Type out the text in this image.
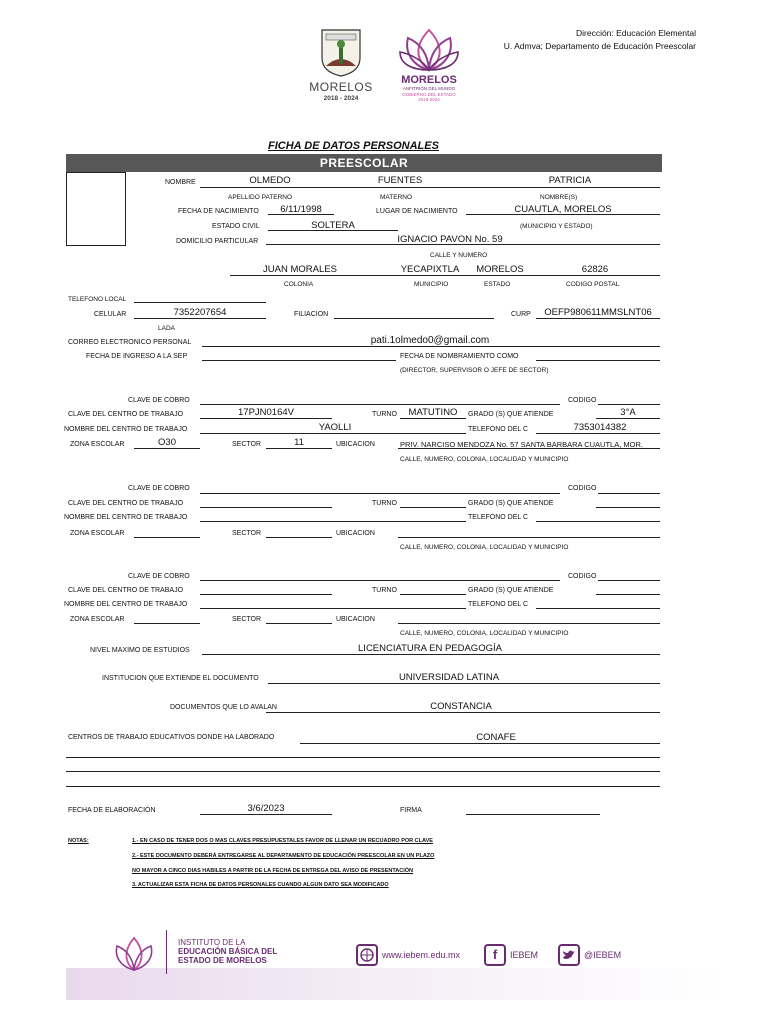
MORELOS
2018 - 2024
MORELOS
ANFITRIÓN DEL MUNDO
GOBIERNO DEL ESTADO
2018-2024
Dirección: Educación Elemental
U. Admva; Departamento de Educación Preescolar
FICHA DE DATOS PERSONALES
PREESCOLAR
NOMBRE	OLMEDO	FUENTES	PATRICIA
APELLIDO PATERNO	MATERNO	NOMBRE(S)
FECHA DE NACIMIENTO	6/11/1998	LUGAR DE NACIMIENTO	CUAUTLA, MORELOS
ESTADO CIVIL	SOLTERA	(MUNICIPIO Y ESTADO)
DOMICILIO PARTICULAR	IGNACIO PAVON No. 59
CALLE Y NUMERO
JUAN MORALES	YECAPIXTLA	MORELOS	62826
COLONIA	MUNICIPIO	ESTADO	CODIGO POSTAL
TELEFONO LOCAL
CELULAR	7352207654	FILIACION	CURP	OEFP980611MMSLNT06
LADA
CORREO ELECTRONICO PERSONAL	pati.1olmedo0@gmail.com
FECHA DE INGRESO A LA SEP	FECHA DE NOMBRAMIENTO COMO
(DIRECTOR, SUPERVISOR O JEFE DE SECTOR)
CLAVE DE COBRO	CODIGO
CLAVE DEL CENTRO DE TRABAJO	17PJN0164V	TURNO	MATUTINO	GRADO (S) QUE ATIENDE	3°A
NOMBRE DEL CENTRO DE TRABAJO	YAOLLI	TELEFONO DEL C	7353014382
ZONA ESCOLAR	O30	SECTOR	11	UBICACION	PRIV. NARCISO MENDOZA No. 57 SANTA BARBARA CUAUTLA, MOR.
CALLE, NUMERO, COLONIA, LOCALIDAD Y MUNICIPIO
CLAVE DE COBRO	CODIGO
CLAVE DEL CENTRO DE TRABAJO	TURNO	GRADO (S) QUE ATIENDE
NOMBRE DEL CENTRO DE TRABAJO	TELEFONO DEL C
ZONA ESCOLAR	SECTOR	UBICACION
CALLE, NUMERO, COLONIA, LOCALIDAD Y MUNICIPIO
CLAVE DE COBRO	CODIGO
CLAVE DEL CENTRO DE TRABAJO	TURNO	GRADO (S) QUE ATIENDE
NOMBRE DEL CENTRO DE TRABAJO	TELEFONO DEL C
ZONA ESCOLAR	SECTOR	UBICACION
CALLE, NUMERO, COLONIA, LOCALIDAD Y MUNICIPIO
NIVEL MAXIMO DE ESTUDIOS	LICENCIATURA EN PEDAGOGÍA
INSTITUCION QUE EXTIENDE EL DOCUMENTO	UNIVERSIDAD LATINA
DOCUMENTOS QUE LO AVALAN	CONSTANCIA
CENTROS DE TRABAJO EDUCATIVOS DONDE HA LABORADO	CONAFE
FECHA DE ELABORACIÓN	3/6/2023	FIRMA
NOTAS:	1.- EN CASO DE TENER DOS O MAS CLAVES PRESUPUESTALES FAVOR DE LLENAR UN RECUADRO POR CLAVE
2.- ESTE DOCUMENTO DEBERÁ ENTREGARSE AL DEPARTAMENTO DE EDUCACIÓN PREESCOLAR EN UN PLAZO
NO MAYOR A CINCO DIAS HABILES A PARTIR DE LA FECHA DE ENTREGA DEL AVISO DE PRESENTACIÓN
3. ACTUALIZAR ESTA FICHA DE DATOS PERSONALES CUANDO ALGUN DATO SEA MODIFICADO
INSTITUTO DE LA
EDUCACIÓN BÁSICA DEL
ESTADO DE MORELOS
www.iebem.edu.mx	f	IEBEM	@IEBEM
